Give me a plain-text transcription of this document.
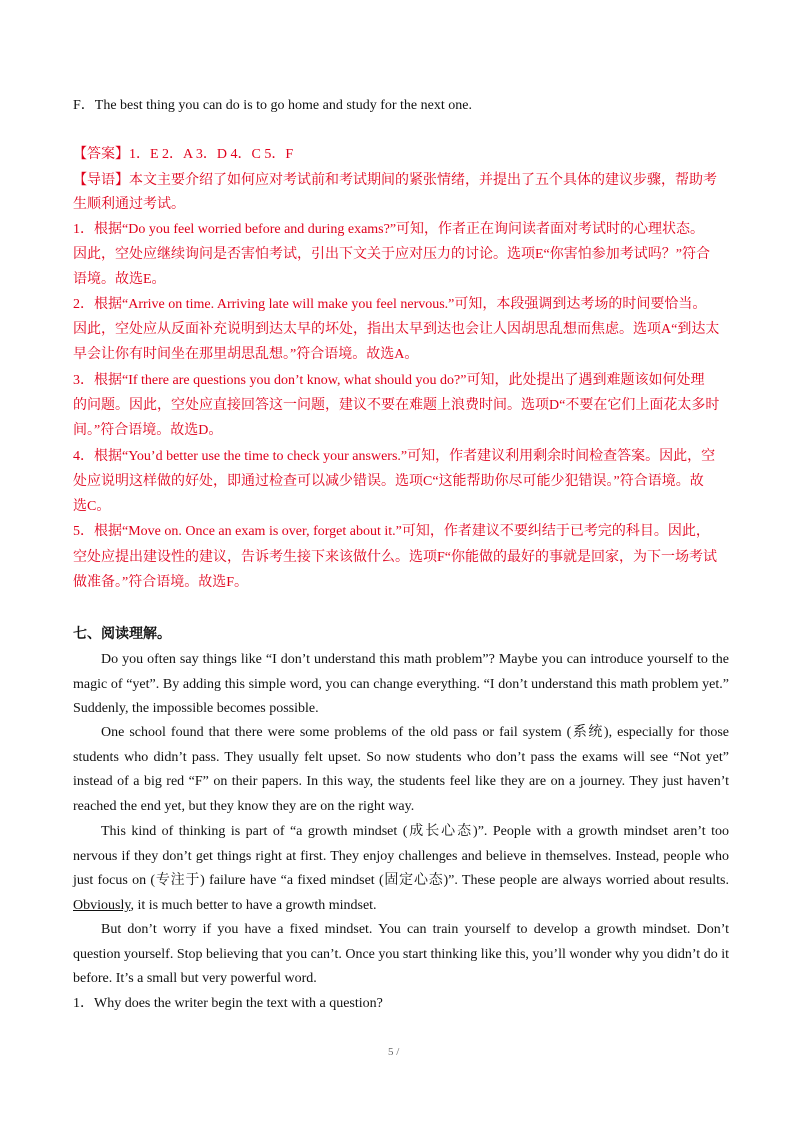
F．The best thing you can do is to go home and study for the next one.
【答案】1．E 2．A 3．D 4．C 5．F
【导语】本文主要介绍了如何应对考试前和考试期间的紧张情绪，并提出了五个具体的建议步骤，帮助考
生顺利通过考试。
1．根据“Do you feel worried before and during exams?”可知，作者正在询问读者面对考试时的心理状态。
因此，空处应继续询问是否害怕考试，引出下文关于应对压力的讨论。选项E“你害怕参加考试吗？”符合
语境。故选E。
2．根据“Arrive on time. Arriving late will make you feel nervous.”可知，本段强调到达考场的时间要恰当。
因此，空处应从反面补充说明到达太早的坏处，指出太早到达也会让人因胡思乱想而焦虑。选项A“到达太
早会让你有时间坐在那里胡思乱想。”符合语境。故选A。
3．根据“If there are questions you don’t know, what should you do?”可知，此处提出了遇到难题该如何处理
的问题。因此，空处应直接回答这一问题，建议不要在难题上浪费时间。选项D“不要在它们上面花太多时
间。”符合语境。故选D。
4．根据“You’d better use the time to check your answers.”可知，作者建议利用剩余时间检查答案。因此，空
处应说明这样做的好处，即通过检查可以减少错误。选项C“这能帮助你尽可能少犯错误。”符合语境。故
选C。
5．根据“Move on. Once an exam is over, forget about it.”可知，作者建议不要纠结于已考完的科目。因此，
空处应提出建设性的建议，告诉考生接下来该做什么。选项F“你能做的最好的事就是回家，为下一场考试
做准备。”符合语境。故选F。
七、阅读理解。
Do you often say things like “I don’t understand this math problem”? Maybe you can introduce yourself to the magic of “yet”. By adding this simple word, you can change everything. “I don’t understand this math problem yet.” Suddenly, the impossible becomes possible.
One school found that there were some problems of the old pass or fail system (系统), especially for those students who didn’t pass. They usually felt upset. So now students who don’t pass the exams will see “Not yet” instead of a big red “F” on their papers. In this way, the students feel like they are on a journey. They just haven’t reached the end yet, but they know they are on the right way.
This kind of thinking is part of “a growth mindset (成长心态)”. People with a growth mindset aren’t too nervous if they don’t get things right at first. They enjoy challenges and believe in themselves. Instead, people who just focus on (专注于) failure have “a fixed mindset (固定心态)”. These people are always worried about results. Obviously, it is much better to have a growth mindset.
But don’t worry if you have a fixed mindset. You can train yourself to develop a growth mindset. Don’t question yourself. Stop believing that you can’t. Once you start thinking like this, you’ll wonder why you didn’t do it before. It’s a small but very powerful word.
1．Why does the writer begin the text with a question?
5 /
